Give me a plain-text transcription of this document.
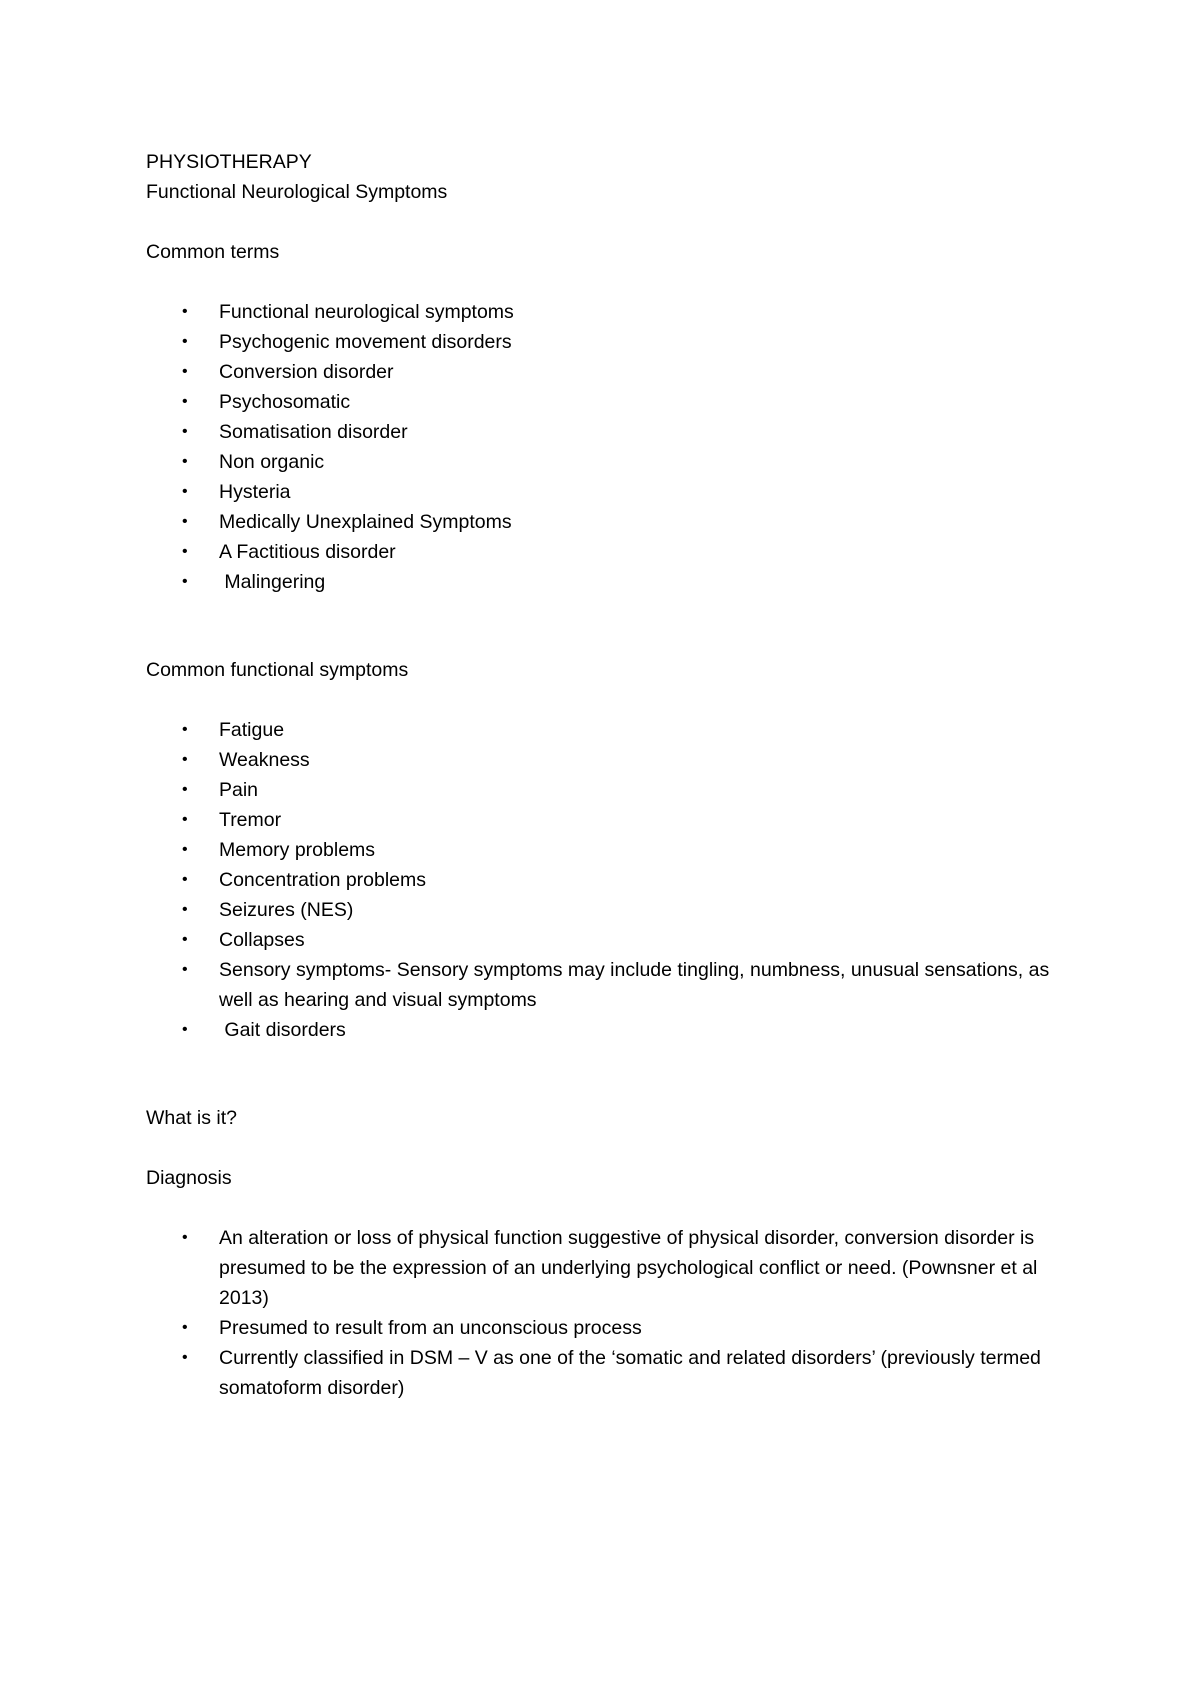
PHYSIOTHERAPY
Functional Neurological Symptoms
Common terms
• Functional neurological symptoms
• Psychogenic movement disorders
• Conversion disorder
• Psychosomatic
• Somatisation disorder
• Non organic
• Hysteria
• Medically Unexplained Symptoms
• A Factitious disorder
• Malingering
Common functional symptoms
• Fatigue
• Weakness
• Pain
• Tremor
• Memory problems
• Concentration problems
• Seizures (NES)
• Collapses
• Sensory symptoms- Sensory symptoms may include tingling, numbness, unusual sensations, as well as hearing and visual symptoms
• Gait disorders
What is it?
Diagnosis
• An alteration or loss of physical function suggestive of physical disorder, conversion disorder is presumed to be the expression of an underlying psychological conflict or need. (Pownsner et al 2013)
• Presumed to result from an unconscious process
• Currently classified in DSM – V as one of the ‘somatic and related disorders’ (previously termed somatoform disorder)
